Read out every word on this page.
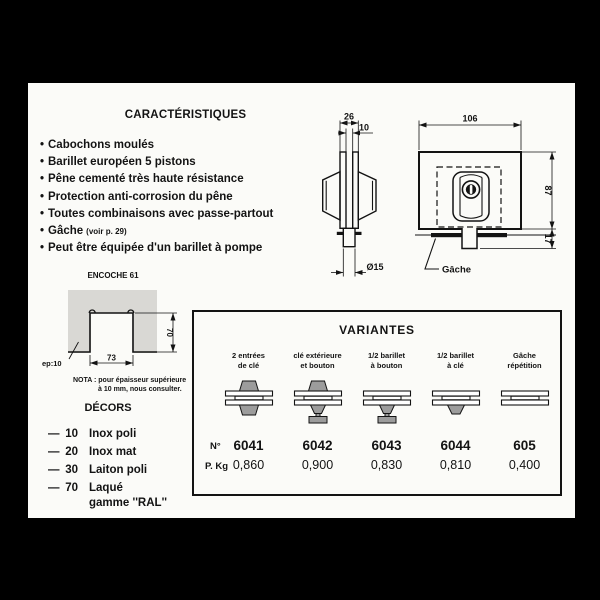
CARACTÉRISTIQUES
• Cabochons moulés
• Barillet européen 5 pistons
• Pêne cementé très haute résistance
• Protection anti-corrosion du pêne
• Toutes combinaisons avec passe-partout
• Gâche (voir p. 29)
• Peut être équipée d'un barillet à pompe
26
10
Ø15
106
87
17
Gâche
ENCOCHE 61
73
70
ep:10
NOTA : pour épaisseur supérieure
à 10 mm, nous consulter.
DÉCORS
— 10 Inox poli
— 20 Inox mat
— 30 Laiton poli
— 70 Laqué
gamme ''RAL''
VARIANTES
2 entrées
de clé
clé extérieure
et bouton
1/2 barillet
à bouton
1/2 barillet
à clé
Gâche
répétition
N° 6041	6042	6043	6044	605
P. Kg 0,860	0,900	0,830	0,810	0,400
